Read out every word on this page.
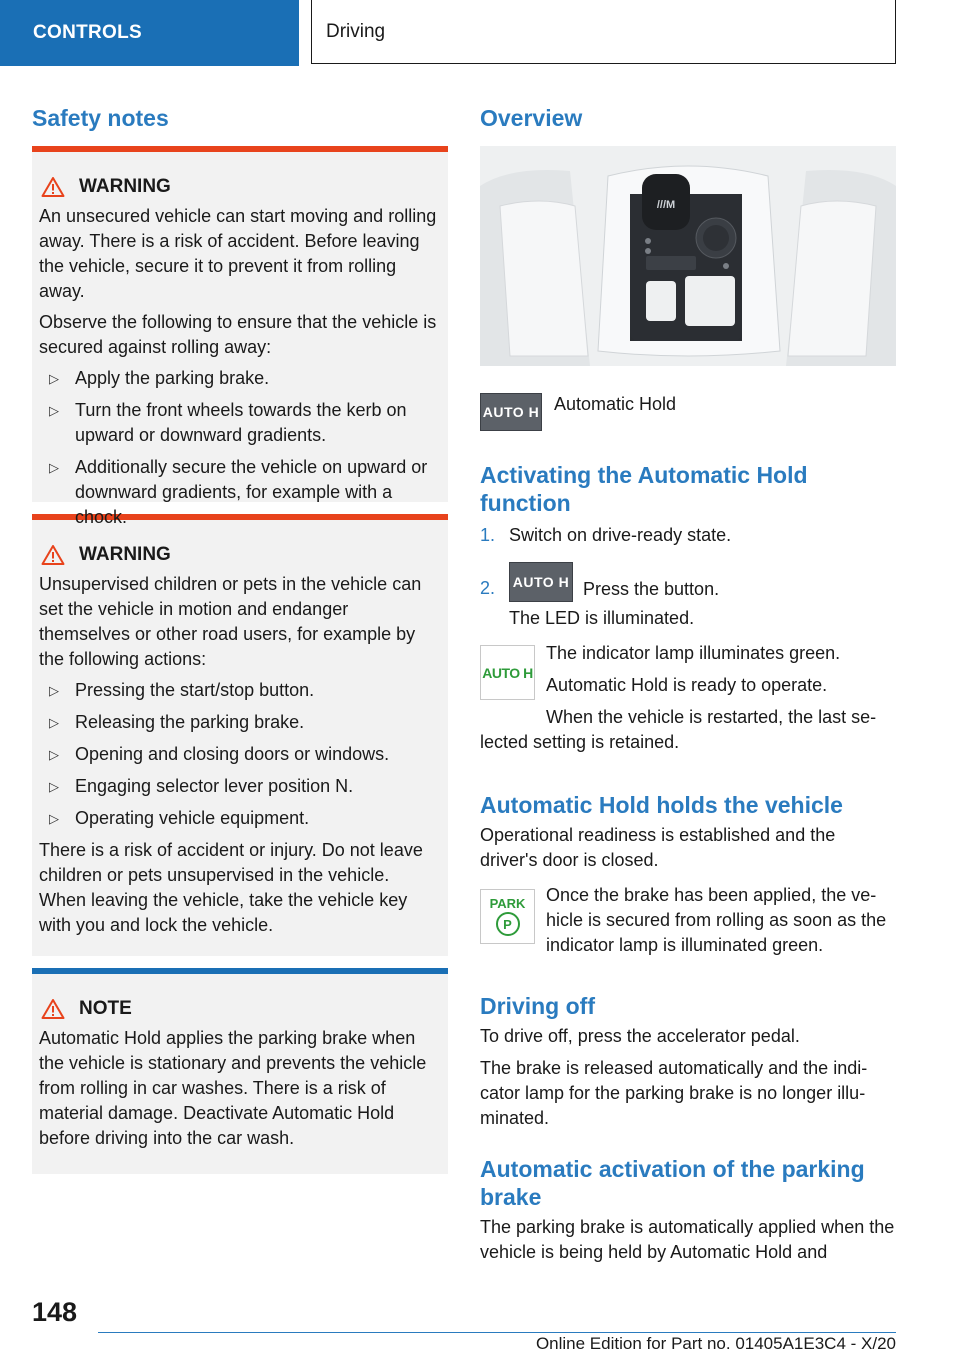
CONTROLS	Driving
Safety notes
WARNING

An unsecured vehicle can start moving and rolling away. There is a risk of accident. Before leaving the vehicle, secure it to prevent it from rolling away.

Observe the following to ensure that the vehicle is secured against rolling away:

▷ Apply the parking brake.
▷ Turn the front wheels towards the kerb on upward or downward gradients.
▷ Additionally secure the vehicle on upward or downward gradients, for example with a chock.
WARNING

Unsupervised children or pets in the vehicle can set the vehicle in motion and endanger themselves or other road users, for example by the following actions:

▷ Pressing the start/stop button.
▷ Releasing the parking brake.
▷ Opening and closing doors or windows.
▷ Engaging selector lever position N.
▷ Operating vehicle equipment.

There is a risk of accident or injury. Do not leave children or pets unsupervised in the vehicle. When leaving the vehicle, take the vehicle key with you and lock the vehicle.

NOTE

Automatic Hold applies the parking brake when the vehicle is stationary and prevents the vehicle from rolling in car washes. There is a risk of material damage. Deactivate Automatic Hold before driving into the car wash.

Overview
///M
AUTO H Automatic Hold

Activating the Automatic Hold function
1. Switch on drive-ready state.
2. AUTO H Press the button.
The LED is illuminated.
AUTO H

The indicator lamp illuminates green.

Automatic Hold is ready to operate.

When the vehicle is restarted, the last selected setting is retained.

Automatic Hold holds the vehicle

Operational readiness is established and the driver's door is closed.

PARK
P

Once the brake has been applied, the vehicle is secured from rolling as soon as the indicator lamp is illuminated green.

Driving off

To drive off, press the accelerator pedal.

The brake is released automatically and the indicator lamp for the parking brake is no longer illuminated.

Automatic activation of the parking brake

The parking brake is automatically applied when the vehicle is being held by Automatic Hold and

148
Online Edition for Part no. 01405A1E3C4 - X/20
